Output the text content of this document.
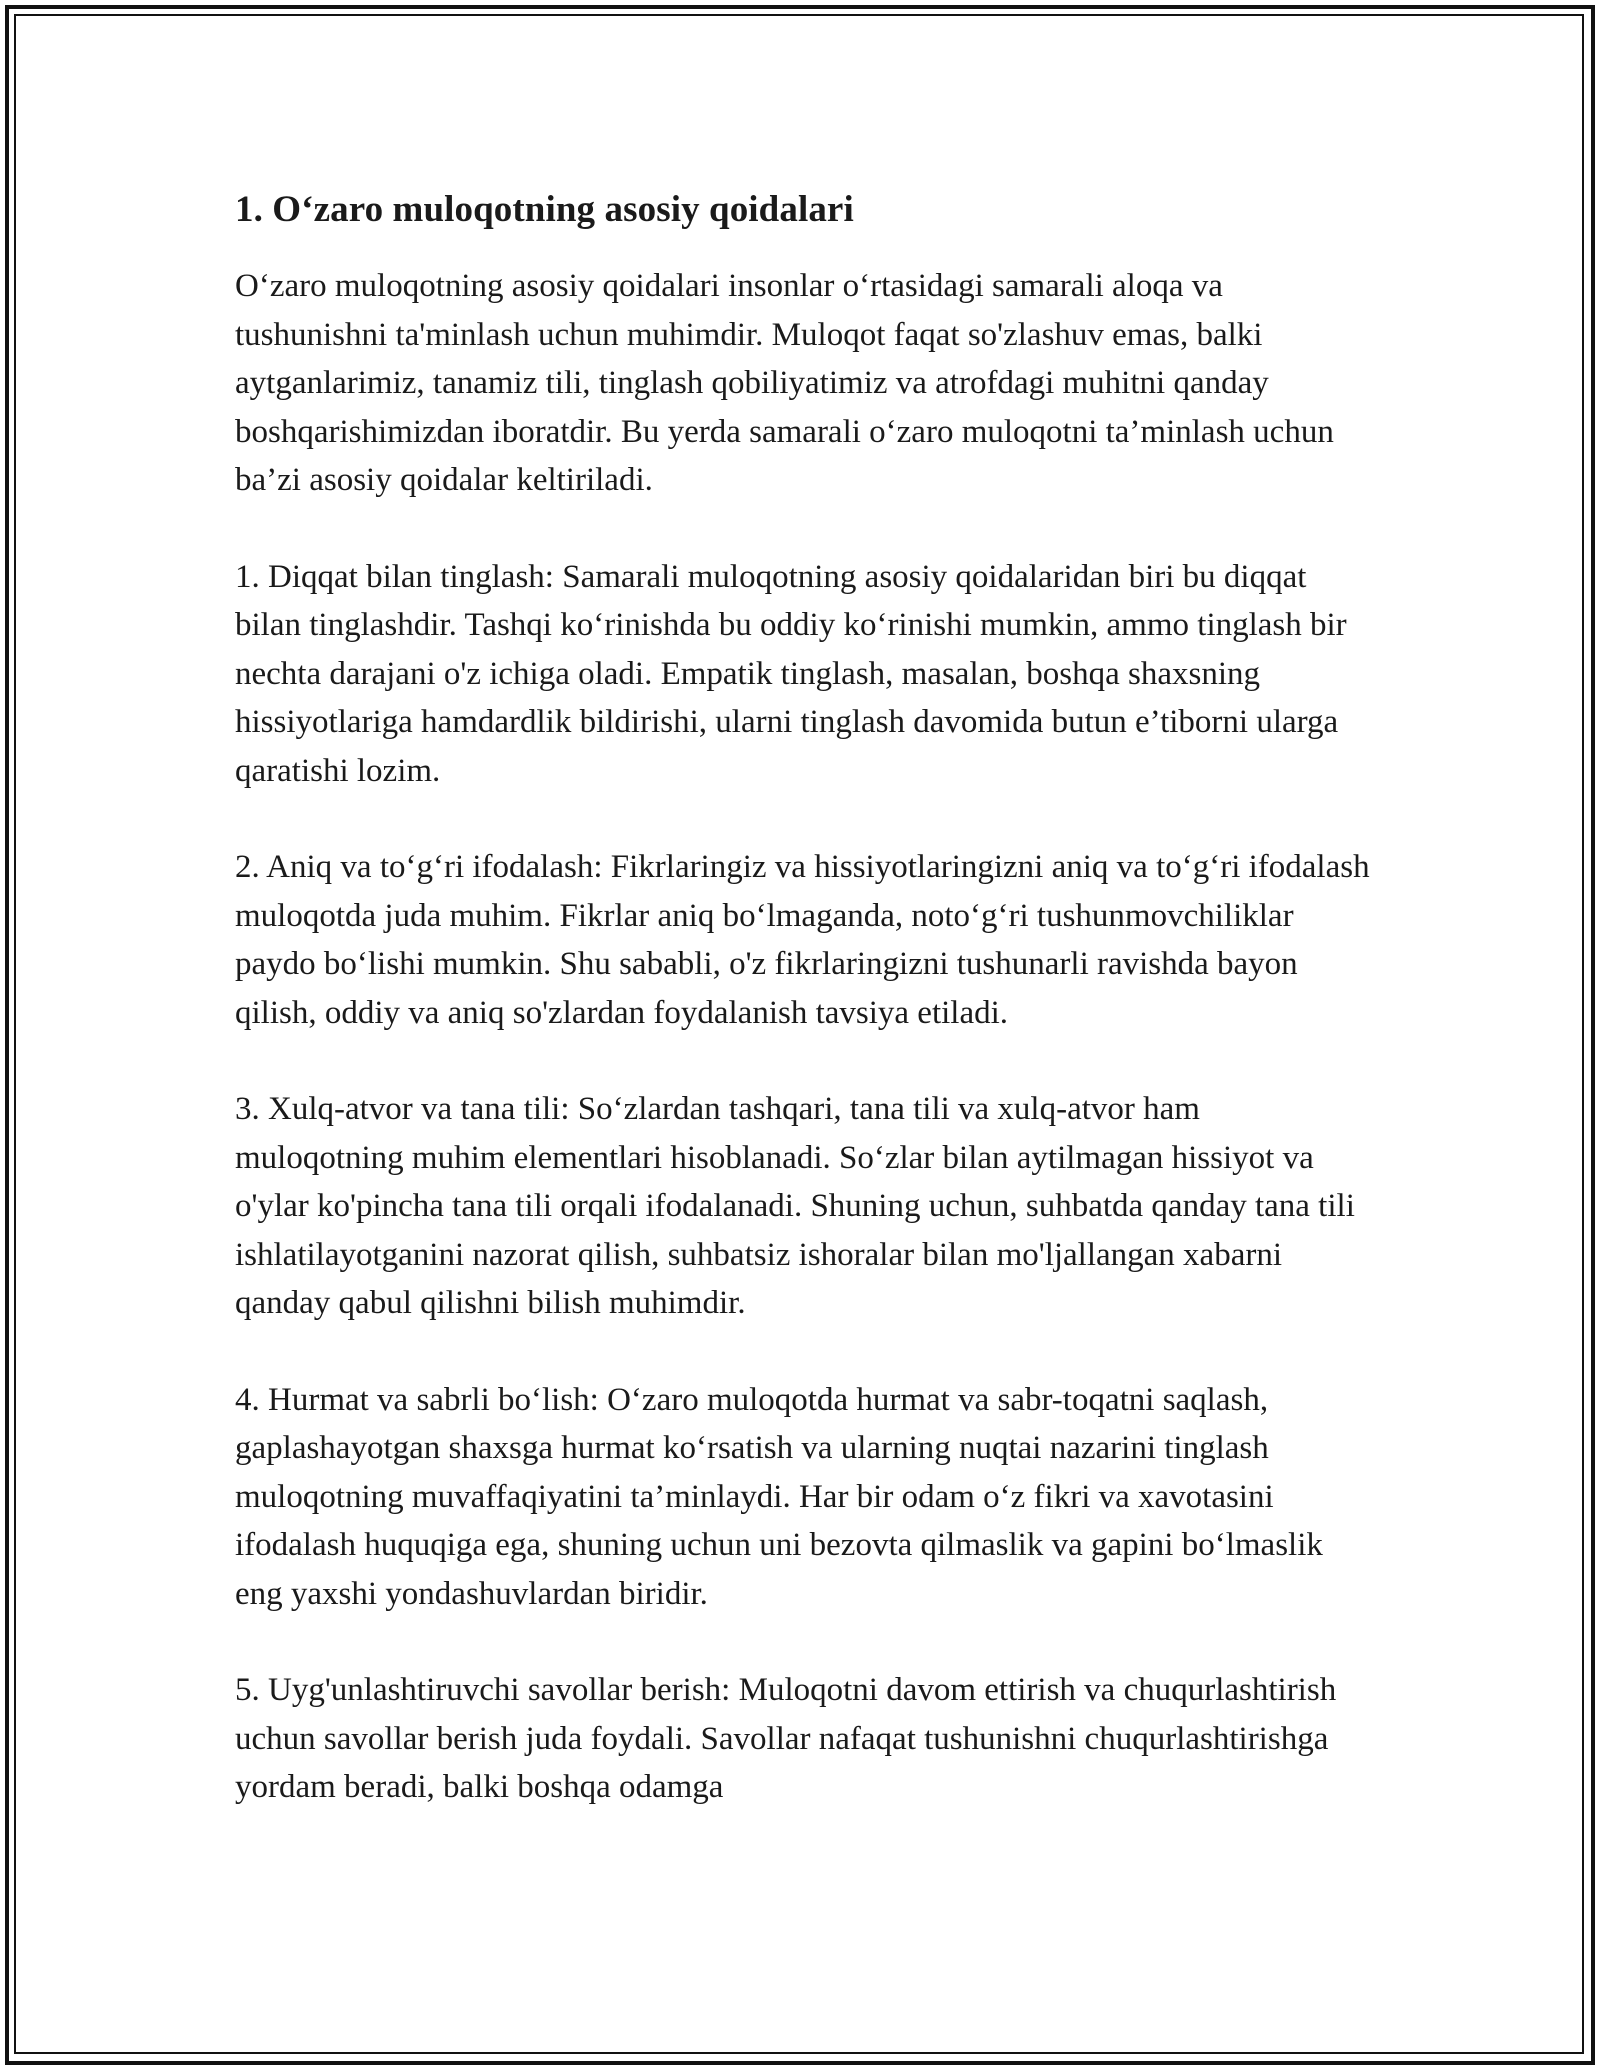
1. Oʻzaro muloqotning asosiy qoidalari

Oʻzaro muloqotning asosiy qoidalari insonlar oʻrtasidagi samarali aloqa va tushunishni ta'minlash uchun muhimdir. Muloqot faqat so'zlashuv emas, balki aytganlarimiz, tanamiz tili, tinglash qobiliyatimiz va atrofdagi muhitni qanday boshqarishimizdan iboratdir. Bu yerda samarali oʻzaro muloqotni ta’minlash uchun ba’zi asosiy qoidalar keltiriladi.

1. Diqqat bilan tinglash: Samarali muloqotning asosiy qoidalaridan biri bu diqqat bilan tinglashdir. Tashqi koʻrinishda bu oddiy koʻrinishi mumkin, ammo tinglash bir nechta darajani o'z ichiga oladi. Empatik tinglash, masalan, boshqa shaxsning hissiyotlariga hamdardlik bildirishi, ularni tinglash davomida butun e’tiborni ularga qaratishi lozim.

2. Aniq va toʻgʻri ifodalash: Fikrlaringiz va hissiyotlaringizni aniq va toʻgʻri ifodalash muloqotda juda muhim. Fikrlar aniq boʻlmaganda, notoʻgʻri tushunmovchiliklar paydo boʻlishi mumkin. Shu sababli, o'z fikrlaringizni tushunarli ravishda bayon qilish, oddiy va aniq so'zlardan foydalanish tavsiya etiladi.

3. Xulq-atvor va tana tili: Soʻzlardan tashqari, tana tili va xulq-atvor ham muloqotning muhim elementlari hisoblanadi. Soʻzlar bilan aytilmagan hissiyot va o'ylar ko'pincha tana tili orqali ifodalanadi. Shuning uchun, suhbatda qanday tana tili ishlatilayotganini nazorat qilish, suhbatsiz ishoralar bilan mo'ljallangan xabarni qanday qabul qilishni bilish muhimdir.

4. Hurmat va sabrli boʻlish: Oʻzaro muloqotda hurmat va sabr-toqatni saqlash, gaplashayotgan shaxsga hurmat koʻrsatish va ularning nuqtai nazarini tinglash muloqotning muvaffaqiyatini ta’minlaydi. Har bir odam oʻz fikri va xavotasini ifodalash huquqiga ega, shuning uchun uni bezovta qilmaslik va gapini boʻlmaslik eng yaxshi yondashuvlardan biridir.

5. Uyg'unlashtiruvchi savollar berish: Muloqotni davom ettirish va chuqurlashtirish uchun savollar berish juda foydali. Savollar nafaqat tushunishni chuqurlashtirishga yordam beradi, balki boshqa odamga
